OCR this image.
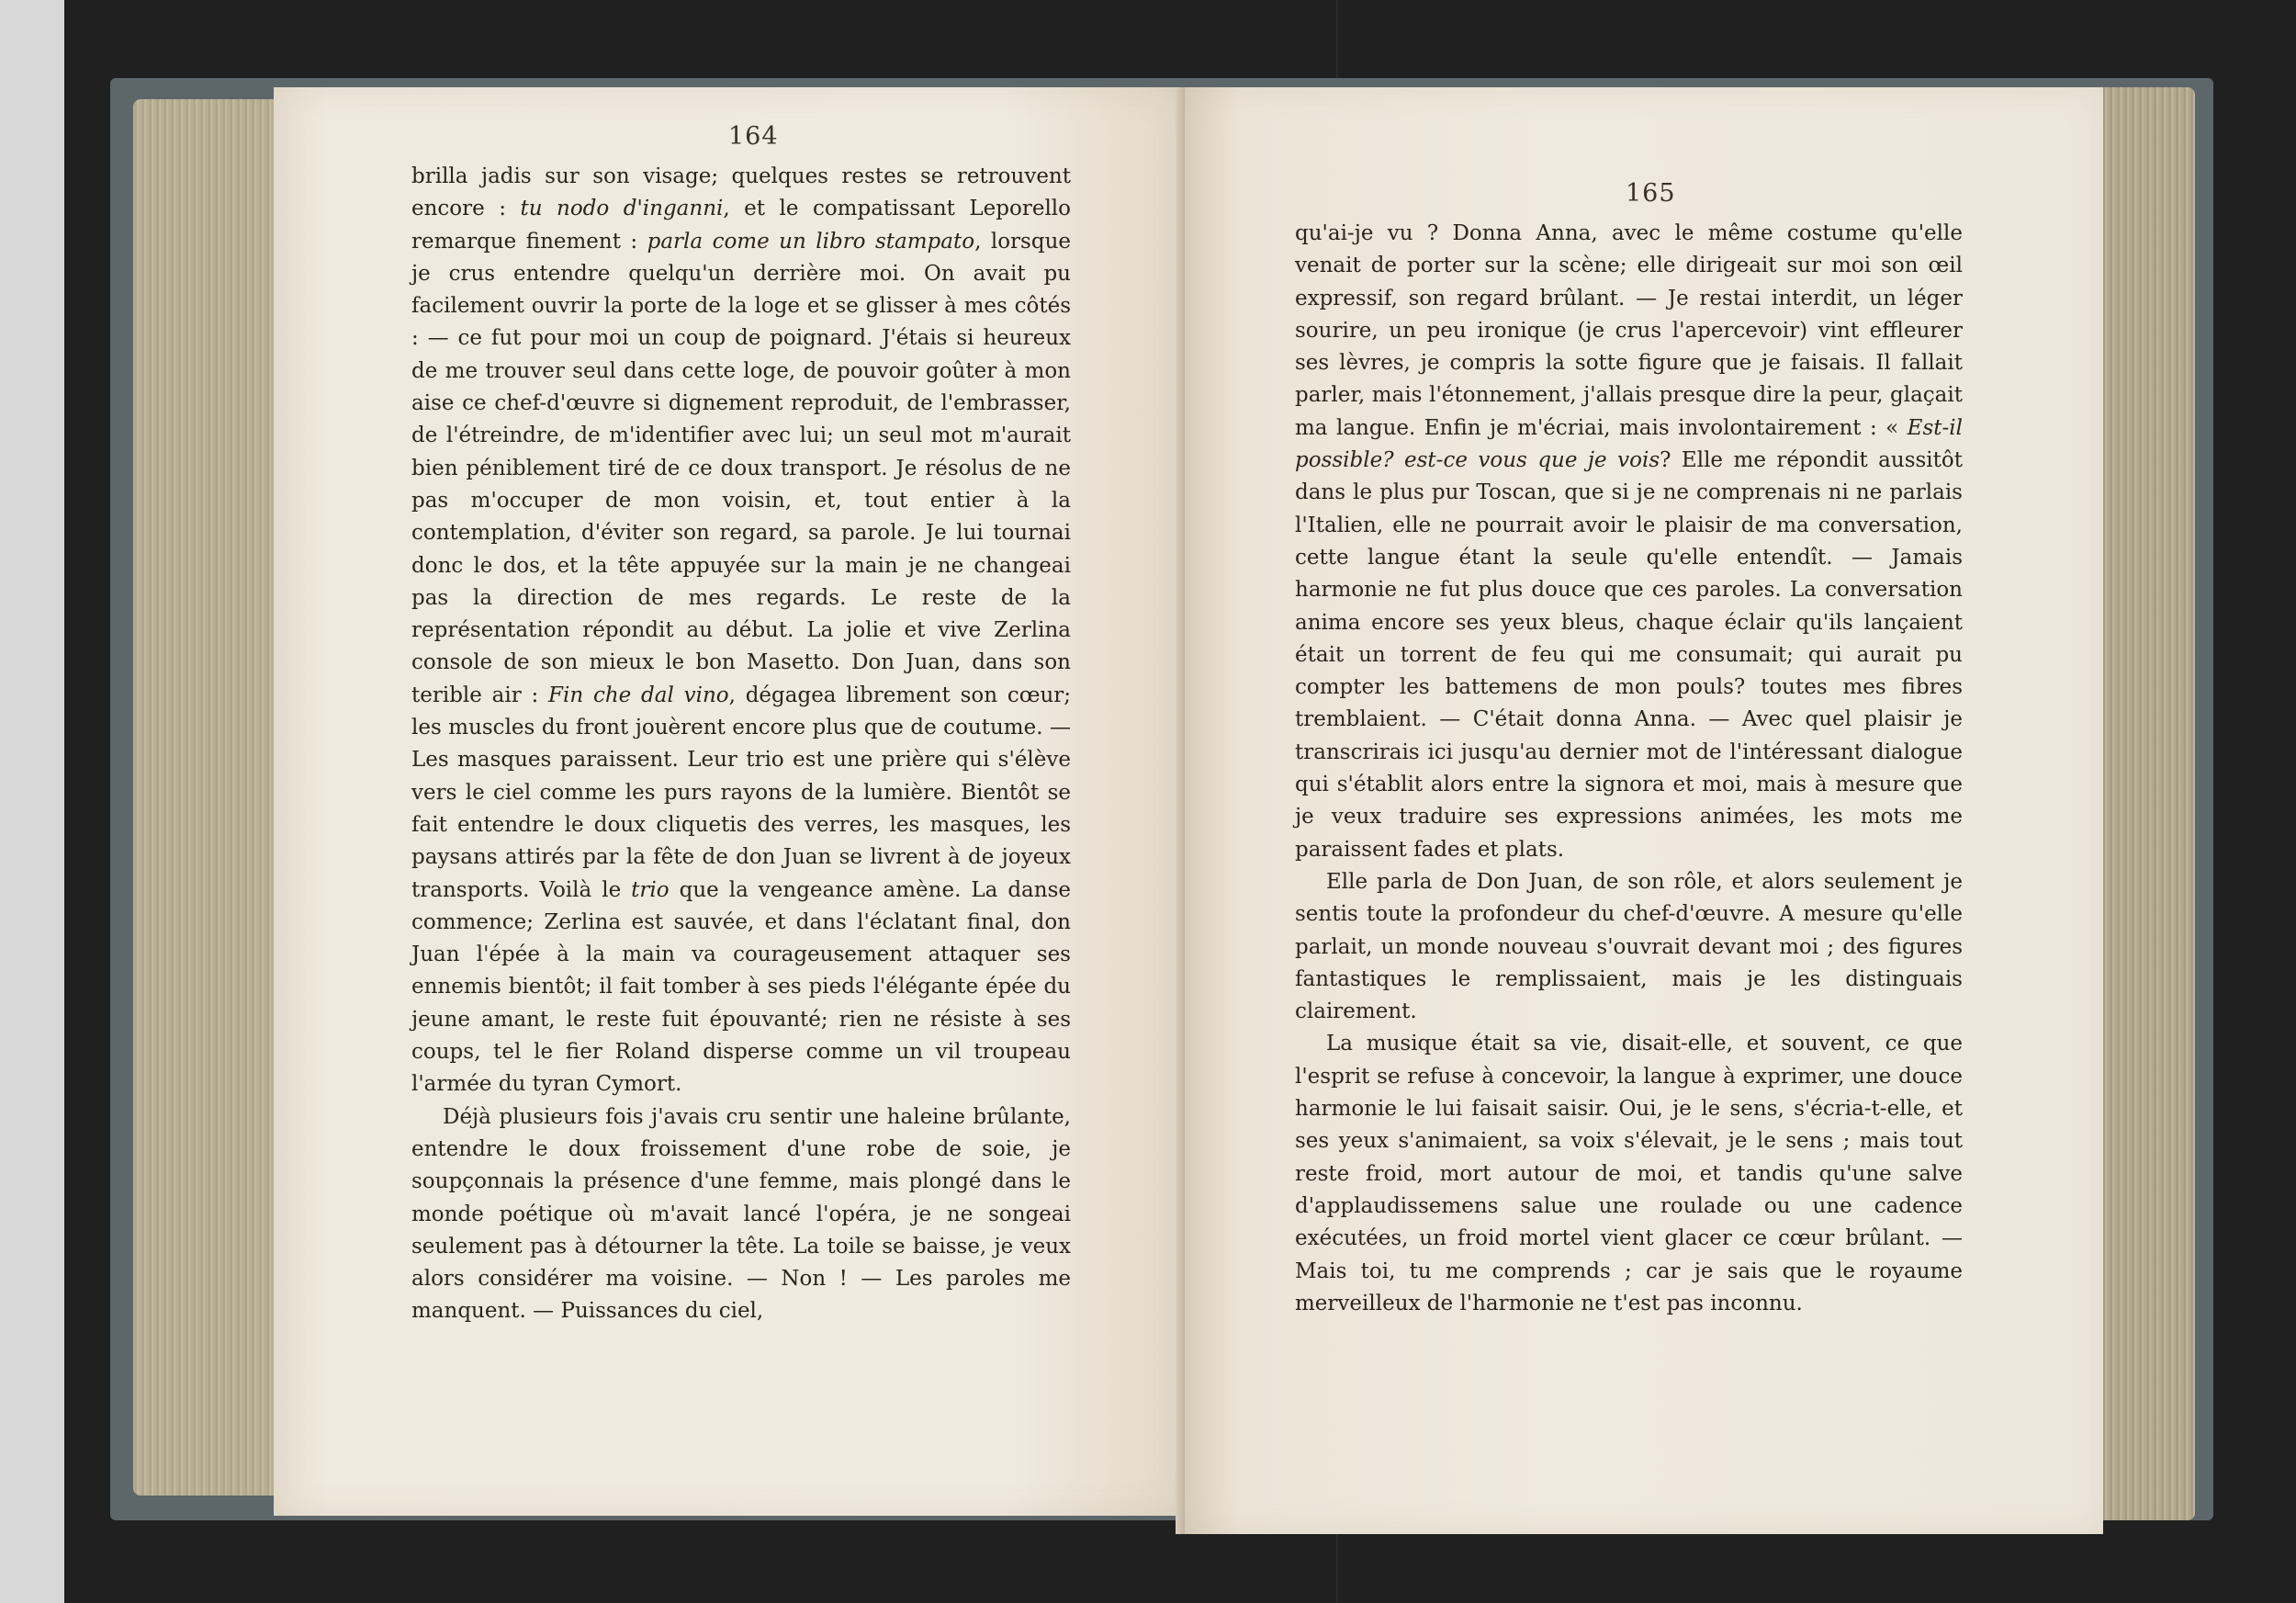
164

brilla jadis sur son visage; quelques restes se retrouvent encore : tu nodo d'inganni, et le compatissant Leporello remarque finement : parla come un libro stampato, lorsque je crus entendre quelqu'un derrière moi. On avait pu facilement ouvrir la porte de la loge et se glisser à mes côtés : — ce fut pour moi un coup de poignard. J'étais si heureux de me trouver seul dans cette loge, de pouvoir goûter à mon aise ce chef-d'œuvre si dignement reproduit, de l'embrasser, de l'étreindre, de m'identifier avec lui; un seul mot m'aurait bien péniblement tiré de ce doux transport. Je résolus de ne pas m'occuper de mon voisin, et, tout entier à la contemplation, d'éviter son regard, sa parole. Je lui tournai donc le dos, et la tête appuyée sur la main je ne changeai pas la direction de mes regards. Le reste de la représentation répondit au début. La jolie et vive Zerlina console de son mieux le bon Masetto. Don Juan, dans son terible air : Fin che dal vino, dégagea librement son cœur; les muscles du front jouèrent encore plus que de coutume. — Les masques paraissent. Leur trio est une prière qui s'élève vers le ciel comme les purs rayons de la lumière. Bientôt se fait entendre le doux cliquetis des verres, les masques, les paysans attirés par la fête de don Juan se livrent à de joyeux transports. Voilà le trio que la vengeance amène. La danse commence; Zerlina est sauvée, et dans l'éclatant final, don Juan l'épée à la main va courageusement attaquer ses ennemis bientôt; il fait tomber à ses pieds l'élégante épée du jeune amant, le reste fuit épouvanté; rien ne résiste à ses coups, tel le fier Roland disperse comme un vil troupeau l'armée du tyran Cymort.

Déjà plusieurs fois j'avais cru sentir une haleine brûlante, entendre le doux froissement d'une robe de soie, je soupçonnais la présence d'une femme, mais plongé dans le monde poétique où m'avait lancé l'opéra, je ne songeai seulement pas à détourner la tête. La toile se baisse, je veux alors considérer ma voisine. — Non ! — Les paroles me manquent. — Puissances du ciel,

165

qu'ai-je vu ? Donna Anna, avec le même costume qu'elle venait de porter sur la scène; elle dirigeait sur moi son œil expressif, son regard brûlant. — Je restai interdit, un léger sourire, un peu ironique (je crus l'apercevoir) vint effleurer ses lèvres, je compris la sotte figure que je faisais. Il fallait parler, mais l'étonnement, j'allais presque dire la peur, glaçait ma langue. Enfin je m'écriai, mais involontairement : « Est-il possible? est-ce vous que je vois? Elle me répondit aussitôt dans le plus pur Toscan, que si je ne comprenais ni ne parlais l'Italien, elle ne pourrait avoir le plaisir de ma conversation, cette langue étant la seule qu'elle entendît. — Jamais harmonie ne fut plus douce que ces paroles. La conversation anima encore ses yeux bleus, chaque éclair qu'ils lançaient était un torrent de feu qui me consumait; qui aurait pu compter les battemens de mon pouls? toutes mes fibres tremblaient. — C'était donna Anna. — Avec quel plaisir je transcrirais ici jusqu'au dernier mot de l'intéressant dialogue qui s'établit alors entre la signora et moi, mais à mesure que je veux traduire ses expressions animées, les mots me paraissent fades et plats.

Elle parla de Don Juan, de son rôle, et alors seulement je sentis toute la profondeur du chef-d'œuvre. A mesure qu'elle parlait, un monde nouveau s'ouvrait devant moi ; des figures fantastiques le remplissaient, mais je les distinguais clairement.

La musique était sa vie, disait-elle, et souvent, ce que l'esprit se refuse à concevoir, la langue à exprimer, une douce harmonie le lui faisait saisir. Oui, je le sens, s'écria-t-elle, et ses yeux s'animaient, sa voix s'élevait, je le sens ; mais tout reste froid, mort autour de moi, et tandis qu'une salve d'applaudissemens salue une roulade ou une cadence exécutées, un froid mortel vient glacer ce cœur brûlant. — Mais toi, tu me comprends ; car je sais que le royaume merveilleux de l'harmonie ne t'est pas inconnu.
